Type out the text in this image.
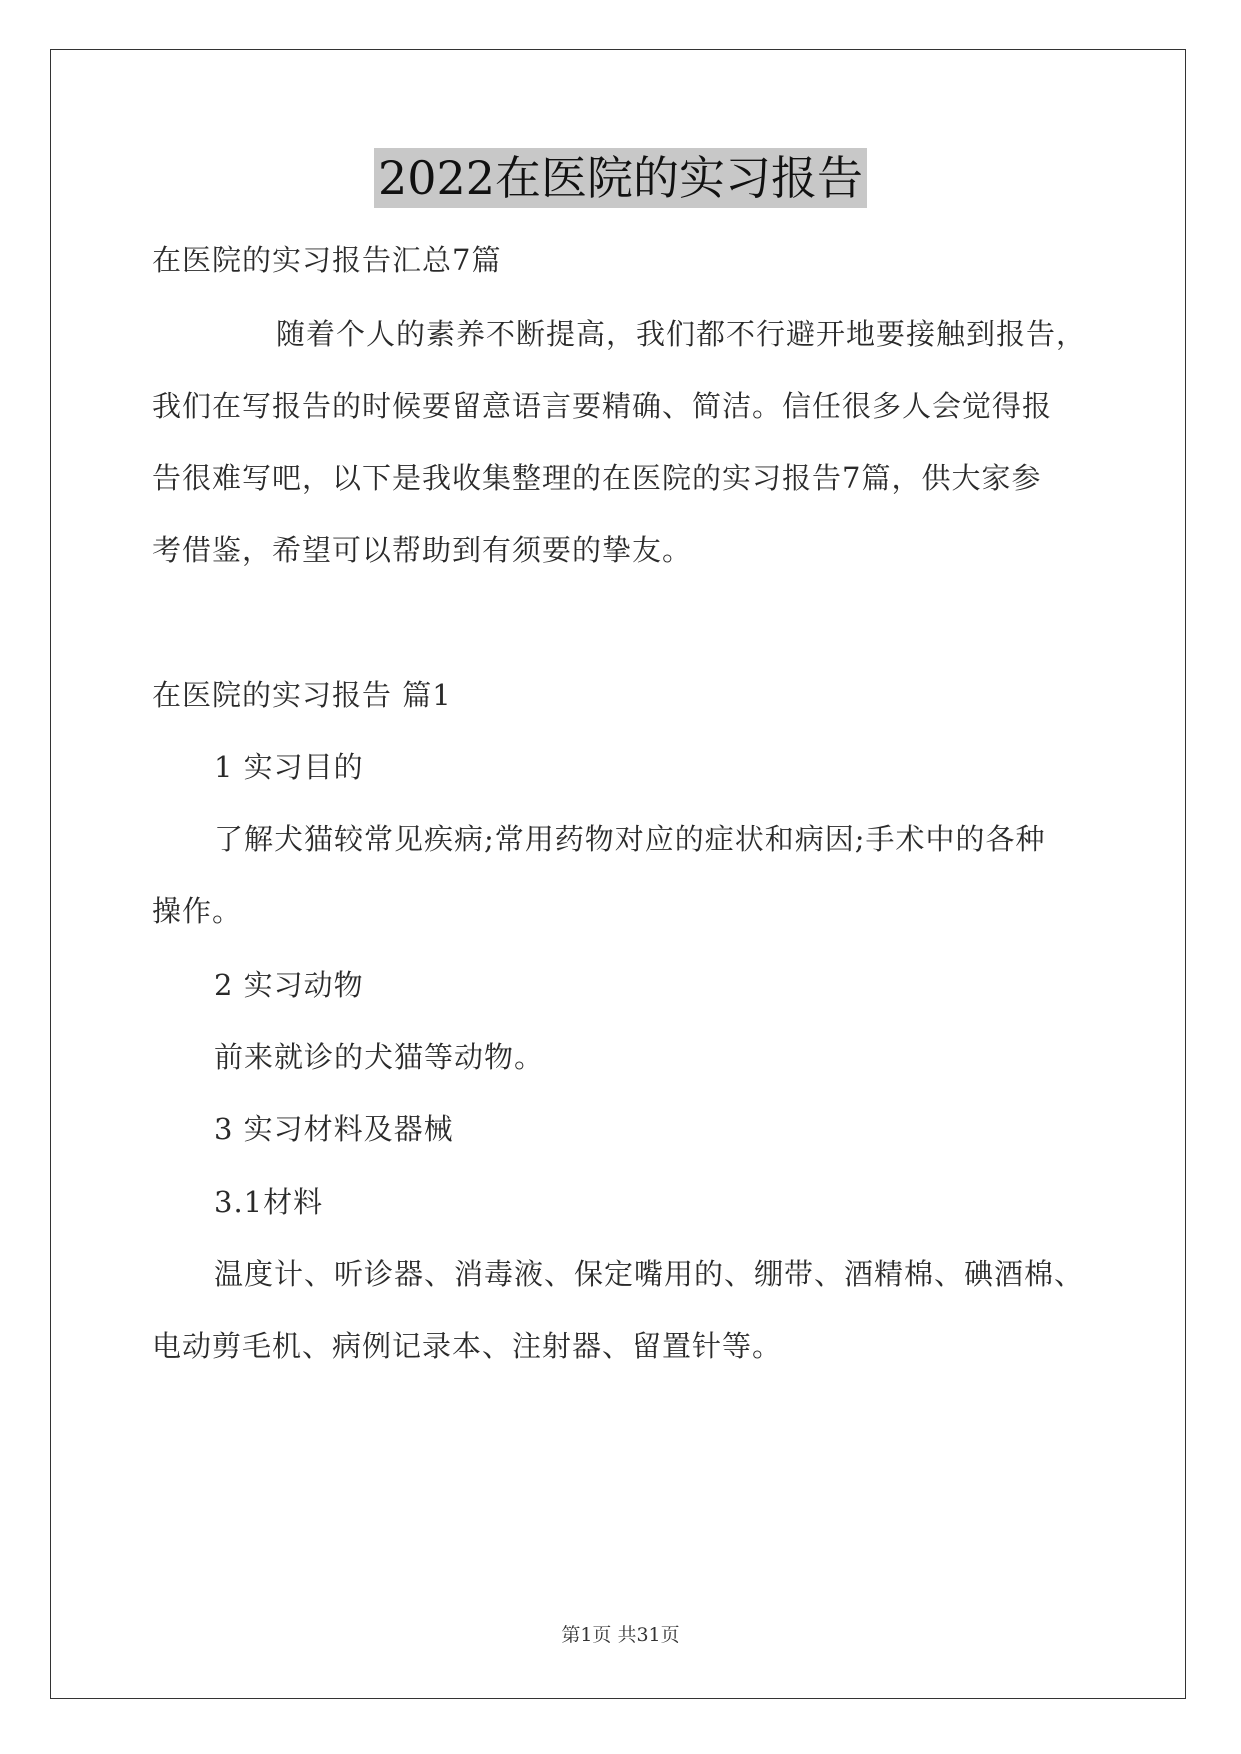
2022在医院的实习报告
在医院的实习报告汇总7篇
随着个人的素养不断提高，我们都不行避开地要接触到报告，
我们在写报告的时候要留意语言要精确、简洁。信任很多人会觉得报
告很难写吧，以下是我收集整理的在医院的实习报告7篇，供大家参
考借鉴，希望可以帮助到有须要的挚友。
在医院的实习报告 篇1
1 实习目的
了解犬猫较常见疾病;常用药物对应的症状和病因;手术中的各种
操作。
2 实习动物
前来就诊的犬猫等动物。
3 实习材料及器械
3.1材料
温度计、听诊器、消毒液、保定嘴用的、绷带、酒精棉、碘酒棉、
电动剪毛机、病例记录本、注射器、留置针等。
第1页 共31页
